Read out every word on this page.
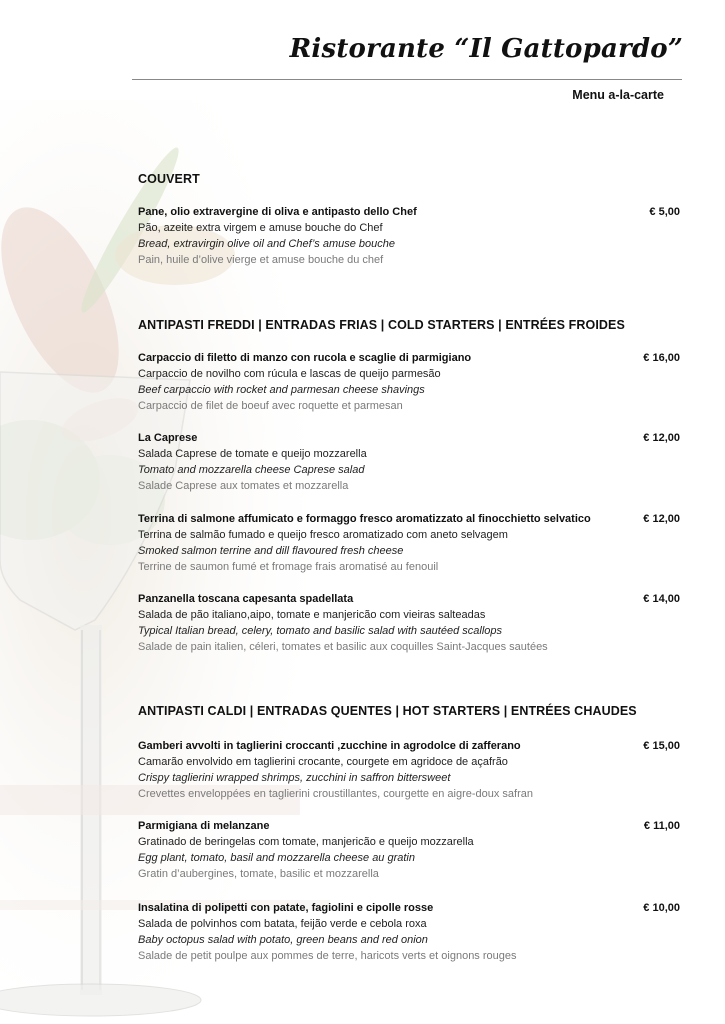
Ristorante “Il Gattopardo”
Menu a-la-carte
COUVERT
Pane, olio extravergine di oliva e antipasto dello Chef
Pão, azeite extra virgem e amuse bouche do Chef
Bread, extravirgin olive oil and Chef’s amuse bouche
Pain, huile d’olive vierge et amuse bouche du chef
€ 5,00
ANTIPASTI FREDDI | ENTRADAS FRIAS | COLD STARTERS | ENTRÉES FROIDES
Carpaccio di filetto di manzo con rucola e scaglie di parmigiano
Carpaccio de novilho com rúcula e lascas de queijo parmesão
Beef carpaccio with rocket and parmesan cheese shavings
Carpaccio de filet de boeuf avec roquette et parmesan
€ 16,00
La Caprese
Salada Caprese de tomate e queijo mozzarella
Tomato and mozzarella cheese Caprese salad
Salade Caprese aux tomates et mozzarella
€ 12,00
Terrina di salmone affumicato e formaggo fresco aromatizzato al finocchietto selvatico
Terrina de salmão fumado e queijo fresco aromatizado com aneto selvagem
Smoked salmon terrine and dill flavoured fresh cheese
Terrine de saumon fumé et fromage frais aromatisé au fenouil
€ 12,00
Panzanella toscana capesanta spadellata
Salada de pão italiano,aipo, tomate e manjericão com vieiras salteadas
Typical Italian bread, celery, tomato and basilic salad with sautéed scallops
Salade de pain italien, céleri, tomates et basilic aux coquilles Saint-Jacques sautées
€ 14,00
ANTIPASTI CALDI | ENTRADAS QUENTES | HOT STARTERS | ENTRÉES CHAUDES
Gamberi avvolti in taglierini croccanti ,zucchine in agrodolce di zafferano
Camarão envolvido em taglierini crocante, courgete em agridoce de açafrão
Crispy taglierini wrapped shrimps, zucchini in saffron bittersweet
Crevettes enveloppées en taglierini croustillantes, courgette en aigre-doux safran
€ 15,00
Parmigiana di melanzane
Gratinado de beringelas com tomate, manjericão e queijo mozzarella
Egg plant, tomato, basil and mozzarella cheese au gratin
Gratin d’aubergines, tomate, basilic et mozzarella
€ 11,00
Insalatina di polipetti con patate, fagiolini e cipolle rosse
Salada de polvinhos com batata, feijão verde e cebola roxa
Baby octopus salad with potato, green beans and red onion
Salade de petit poulpe aux pommes de terre, haricots verts et oignons rouges
€ 10,00
